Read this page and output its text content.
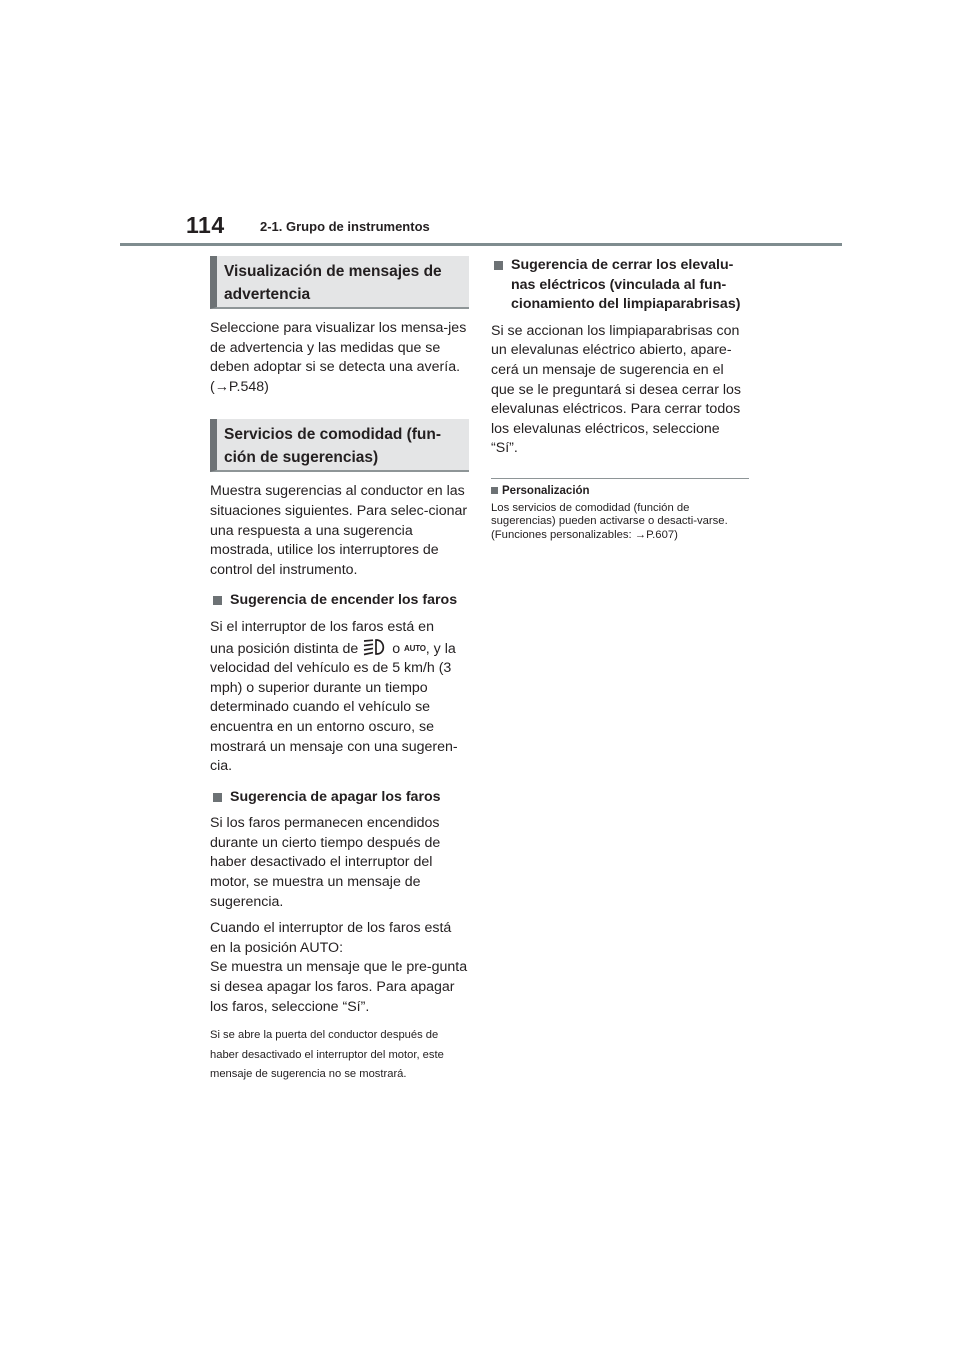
114	2-1. Grupo de instrumentos
Visualización de mensajes de advertencia

Seleccione para visualizar los mensa-jes de advertencia y las medidas que se deben adoptar si se detecta una avería. (→P.548)

Servicios de comodidad (fun-ción de sugerencias)

Muestra sugerencias al conductor en las situaciones siguientes. Para selec-cionar una respuesta a una sugerencia mostrada, utilice los interruptores de control del instrumento.

Sugerencia de encender los faros

Si el interruptor de los faros está en
una posición distinta de o AUTO, y la velocidad del vehículo es de 5 km/h (3 mph) o superior durante un tiempo determinado cuando el vehículo se encuentra en un entorno oscuro, se mostrará un mensaje con una sugeren-cia.

Sugerencia de apagar los faros

Si los faros permanecen encendidos durante un cierto tiempo después de haber desactivado el interruptor del motor, se muestra un mensaje de sugerencia.

Cuando el interruptor de los faros está en la posición AUTO:
Se muestra un mensaje que le pre-gunta si desea apagar los faros. Para apagar los faros, seleccione “Sí”.

Si se abre la puerta del conductor después de haber desactivado el interruptor del motor, este mensaje de sugerencia no se mostrará.

Sugerencia de cerrar los elevalu-nas eléctricos (vinculada al fun-cionamiento del limpiaparabrisas)

Si se accionan los limpiaparabrisas con un elevalunas eléctrico abierto, apare-cerá un mensaje de sugerencia en el que se le preguntará si desea cerrar los elevalunas eléctricos. Para cerrar todos los elevalunas eléctricos, seleccione “Sí”.

Personalización

Los servicios de comodidad (función de sugerencias) pueden activarse o desacti-varse. (Funciones personalizables: →P.607)
